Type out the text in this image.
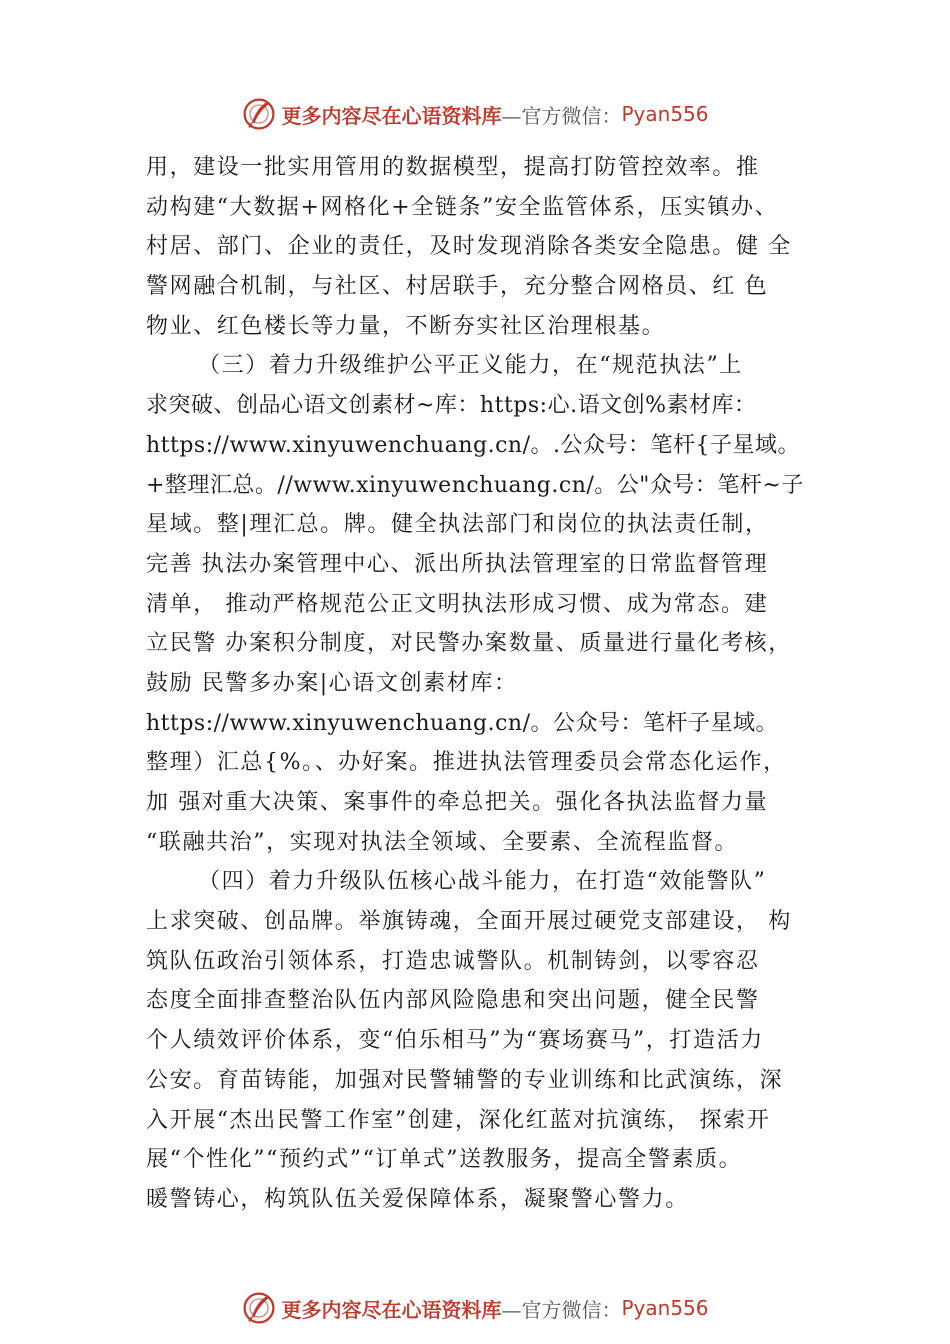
更多内容尽在心语资料库 —官方微信： Pyan556
用，建设一批实用管用的数据模型，提高打防管控效率。推
动构建“大数据+网格化+全链条”安全监管体系，压实镇办、
村居、部门、企业的责任，及时发现消除各类安全隐患。健 全
警网融合机制，与社区、村居联手，充分整合网格员、红 色
物业、红色楼长等力量，不断夯实社区治理根基。
（三）着力升级维护公平正义能力，在“规范执法”上
求突破、创品心语文创素材~库：https:心.语文创%素材库：
https://www.xinyuwenchuang.cn/。.公众号：笔杆{子星域。
+整理汇总。//www.xinyuwenchuang.cn/。公"众号：笔杆~子
星域。整|理汇总。牌。健全执法部门和岗位的执法责任制，
完善 执法办案管理中心、派出所执法管理室的日常监督管理
清单， 推动严格规范公正文明执法形成习惯、成为常态。建
立民警 办案积分制度，对民警办案数量、质量进行量化考核，
鼓励 民警多办案|心语文创素材库：
https://www.xinyuwenchuang.cn/。公众号：笔杆子星域。
整理）汇总{%。、办好案。推进执法管理委员会常态化运作，
加 强对重大决策、案事件的牵总把关。强化各执法监督力量
“联融共治”，实现对执法全领域、全要素、全流程监督。
（四）着力升级队伍核心战斗能力，在打造“效能警队”
上求突破、创品牌。举旗铸魂，全面开展过硬党支部建设， 构
筑队伍政治引领体系，打造忠诚警队。机制铸剑，以零容忍
态度全面排查整治队伍内部风险隐患和突出问题，健全民警
个人绩效评价体系，变“伯乐相马”为“赛场赛马”，打造活力
公安。育苗铸能，加强对民警辅警的专业训练和比武演练，深
入开展“杰出民警工作室”创建，深化红蓝对抗演练， 探索开
展“个性化”“预约式”“订单式”送教服务，提高全警素质。
暖警铸心，构筑队伍关爱保障体系，凝聚警心警力。
更多内容尽在心语资料库 —官方微信： Pyan556
